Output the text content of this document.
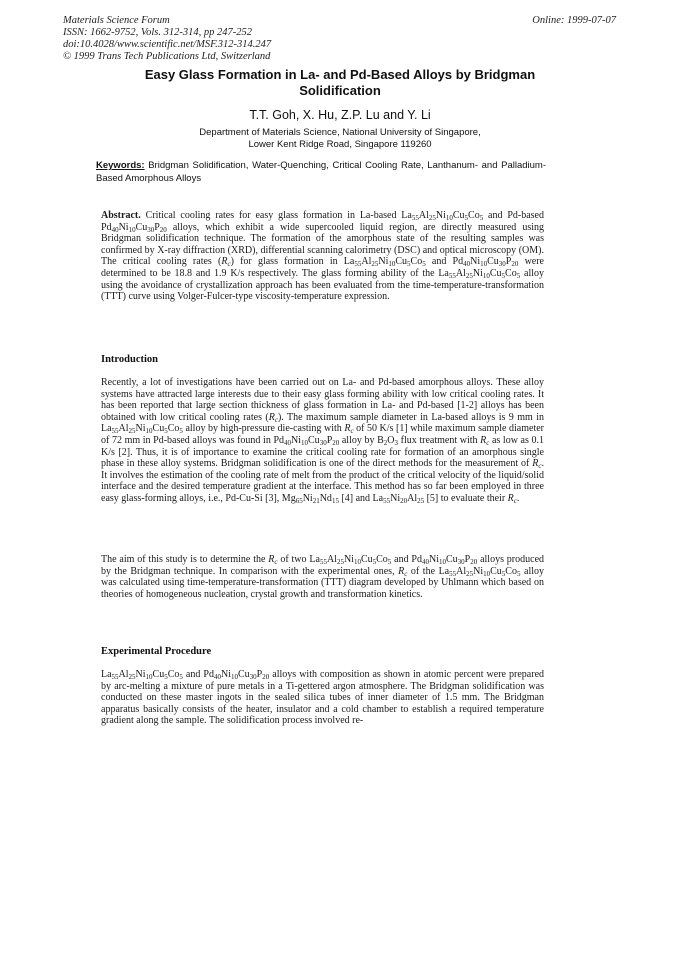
Materials Science Forum
ISSN: 1662-9752, Vols. 312-314, pp 247-252
doi:10.4028/www.scientific.net/MSF.312-314.247
© 1999 Trans Tech Publications Ltd, Switzerland
Online: 1999-07-07
Easy Glass Formation in La- and Pd-Based Alloys by Bridgman
Solidification
T.T. Goh, X. Hu, Z.P. Lu and Y. Li
Department of Materials Science, National University of Singapore,
Lower Kent Ridge Road, Singapore 119260
Keywords: Bridgman Solidification, Water-Quenching, Critical Cooling Rate, Lanthanum- and Palladium-Based Amorphous Alloys
Abstract. Critical cooling rates for easy glass formation in La-based $La_{55}Al_{25}Ni_{10}Cu_5Co_5$ and Pd-based $Pd_{40}Ni_{10}Cu_{30}P_{20}$ alloys, which exhibit a wide supercooled liquid region, are directly measured using Bridgman solidification technique. The formation of the amorphous state of the resulting samples was confirmed by X-ray diffraction (XRD), differential scanning calorimetry (DSC) and optical microscopy (OM). The critical cooling rates $(R_c)$ for glass formation in $La_{55}Al_{25}Ni_{10}Cu_5Co_5$ and $Pd_{40}Ni_{10}Cu_{30}P_{20}$ were determined to be 18.8 and 1.9 K/s respectively. The glass forming ability of the $La_{55}Al_{25}Ni_{10}Cu_5Co_5$ alloy using the avoidance of crystallization approach has been evaluated from the time-temperature-transformation (TTT) curve using Volger-Fulcer-type viscosity-temperature expression.
Introduction
Recently, a lot of investigations have been carried out on La- and Pd-based amorphous alloys. These alloy systems have attracted large interests due to their easy glass forming ability with low critical cooling rates. It has been reported that large section thickness of glass formation in La- and Pd-based [1-2] alloys has been obtained with low critical cooling rates $(R_c)$. The maximum sample diameter in La-based alloys is 9 mm in $La_{55}Al_{25}Ni_{10}Cu_5Co_5$ alloy by high-pressure die-casting with $R_c$ of 50 K/s [1] while maximum sample diameter of 72 mm in Pd-based alloys was found in $Pd_{40}Ni_{10}Cu_{30}P_{20}$ alloy by $B_2O_3$ flux treatment with $R_c$ as low as 0.1 K/s [2]. Thus, it is of importance to examine the critical cooling rate for formation of an amorphous single phase in these alloy systems. Bridgman solidification is one of the direct methods for the measurement of $R_c$. It involves the estimation of the cooling rate of melt from the product of the critical velocity of the liquid/solid interface and the desired temperature gradient at the interface. This method has so far been employed in three easy glass-forming alloys, i.e., Pd-Cu-Si [3], $Mg_{65}Ni_{21}Nd_{15}$ [4] and $La_{55}Ni_{20}Al_{25}$ [5] to evaluate their $R_c$.
The aim of this study is to determine the $R_c$ of two $La_{55}Al_{25}Ni_{10}Cu_5Co_5$ and $Pd_{40}Ni_{10}Cu_{30}P_{20}$ alloys produced by the Bridgman technique. In comparison with the experimental ones, $R_c$ of the $La_{55}Al_{25}Ni_{10}Cu_5Co_5$ alloy was calculated using time-temperature-transformation (TTT) diagram developed by Uhlmann which based on theories of homogeneous nucleation, crystal growth and transformation kinetics.
Experimental Procedure
$La_{55}Al_{25}Ni_{10}Cu_5Co_5$ and $Pd_{40}Ni_{10}Cu_{30}P_{20}$ alloys with composition as shown in atomic percent were prepared by arc-melting a mixture of pure metals in a Ti-gettered argon atmosphere. The Bridgman solidification was conducted on these master ingots in the sealed silica tubes of inner diameter of 1.5 mm. The Bridgman apparatus basically consists of the heater, insulator and a cold chamber to establish a required temperature gradient along the sample. The solidification process involved re-
